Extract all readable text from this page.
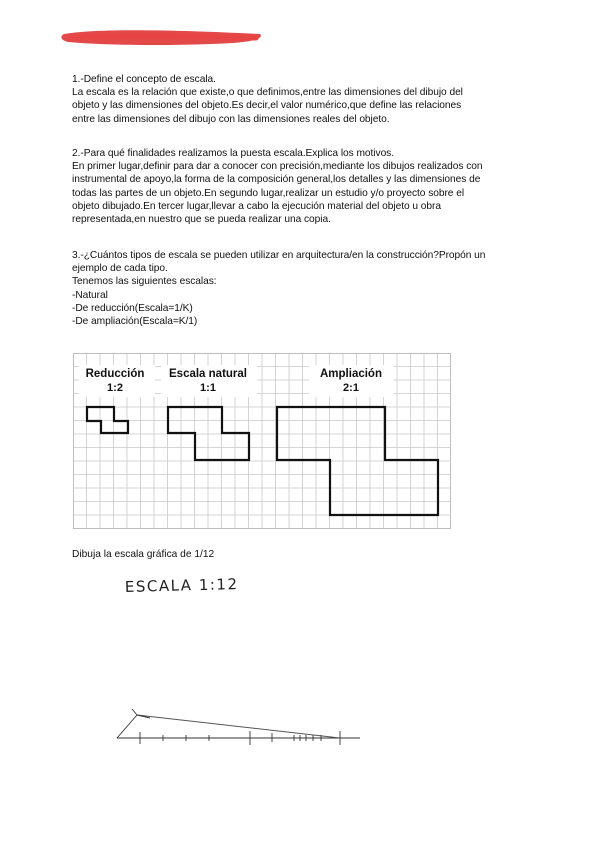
1.-Define el concepto de escala.

La escala es la relación que existe,o que definimos,entre las dimensiones del dibujo del

objeto y las dimensiones del objeto.Es decir,el valor numérico,que define las relaciones

entre las dimensiones del dibujo con las dimensiones reales del objeto.

2.-Para qué finalidades realizamos la puesta escala.Explica los motivos.

En primer lugar,definir para dar a conocer con precisión,mediante los dibujos realizados con

instrumental de apoyo,la forma de la composición general,los detalles y las dimensiones de

todas las partes de un objeto.En segundo lugar,realizar un estudio y/o proyecto sobre el

objeto dibujado.En tercer lugar,llevar a cabo la ejecución material del objeto u obra

representada,en nuestro que se pueda realizar una copia.

3.-¿Cuántos tipos de escala se pueden utilizar en arquitectura/en la construcción?Propón un

ejemplo de cada tipo.

Tenemos las siguientes escalas:

-Natural

-De reducción(Escala=1/K)

-De ampliación(Escala=K/1)

Reducción
1:2
Escala natural
1:1
Ampliación
2:1
Dibuja la escala gráfica de 1/12
ESCALA 1:12
